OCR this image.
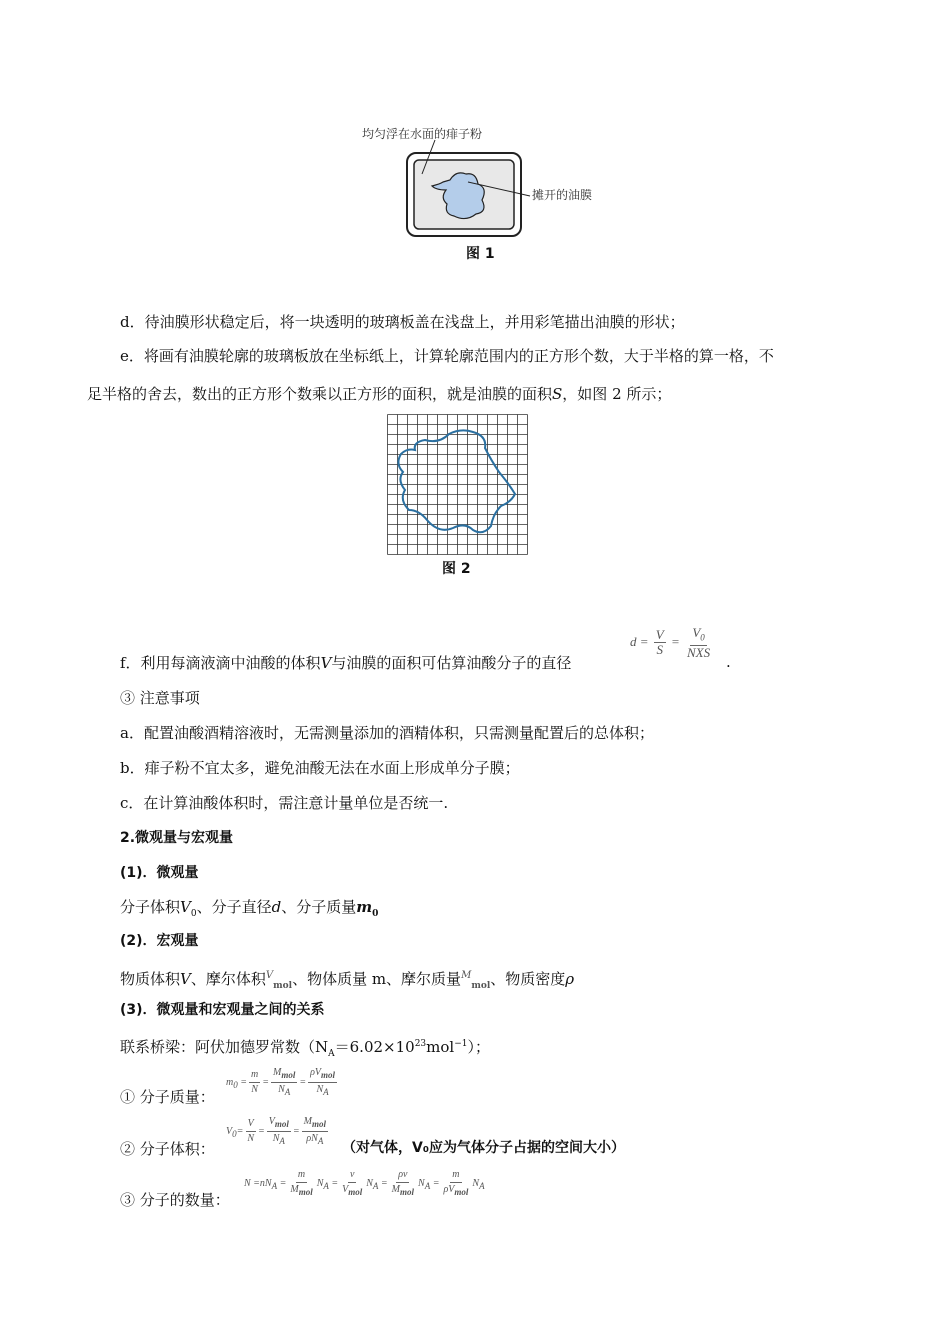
均匀浮在水面的痱子粉
摊开的油膜
图 1
d．待油膜形状稳定后，将一块透明的玻璃板盖在浅盘上，并用彩笔描出油膜的形状；
e．将画有油膜轮廓的玻璃板放在坐标纸上，计算轮廓范围内的正方形个数，大于半格的算一格，不
足半格的舍去，数出的正方形个数乘以正方形的面积，就是油膜的面积S，如图 2 所示；
图 2
f．利用每滴液滴中油酸的体积V与油膜的面积可估算油酸分子的直径
$d = \frac{V}{S} = \frac{V_0}{\text{NXS}}$
.
③ 注意事项
a．配置油酸酒精溶液时，无需测量添加的酒精体积，只需测量配置后的总体积；
b．痱子粉不宜太多，避免油酸无法在水面上形成单分子膜；
c．在计算油酸体积时，需注意计量单位是否统一.
2.微观量与宏观量
(1)．微观量
分子体积$V_0$、分子直径d、分子质量$m_0$
(2)．宏观量
物质体积V、摩尔体积$^V_{mol}$、物体质量 m、摩尔质量$^M_{mol}$、物质密度ρ
(3)．微观量和宏观量之间的关系
联系桥梁：阿伏加德罗常数$(N_A=6.02\times 10^{23}mol^{-1})$；
① 分子质量：
$m_0 = \frac{m}{N} = \frac{M_{mol}}{N_A} = \frac{\rho V_{mol}}{N_A}$
② 分子体积：
$V_0= \frac{V}{N} = \frac{V_{mol}}{N_A} = \frac{M_{mol}}{\rho N_A}$ （对气体，V₀应为气体分子占据的空间大小）
③ 分子的数量：
$N =nN_A = \frac{m}{M_{mol}} N_A = \frac{v}{V_{mol}} N_A = \frac{\rho v}{M_{mol}} N_A = \frac{m}{\rho V_{mol}} N_A$
